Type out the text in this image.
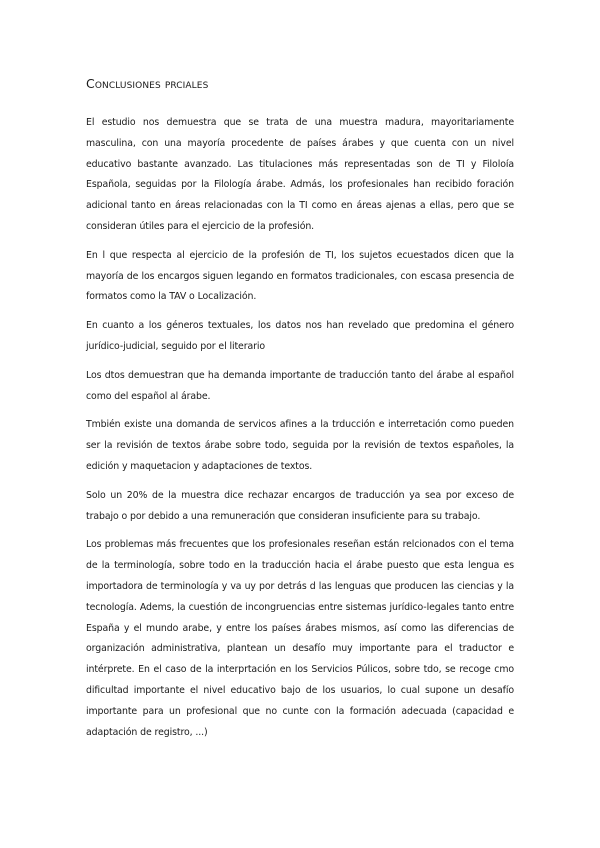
Conclusiones prciales

El estudio nos demuestra que se trata de una muestra madura, mayoritariamente masculina, con una mayoría procedente de países árabes y que cuenta con un nivel educativo bastante avanzado. Las titulaciones más representadas son de TI y Filoloía Española, seguidas por la Filología árabe. Admás, los profesionales han recibido foración adicional tanto en áreas relacionadas con la TI como en áreas ajenas a ellas, pero que se consideran útiles para el ejercicio de la profesión.

En l que respecta al ejercicio de la profesión de TI, los sujetos ecuestados dicen que la mayoría de los encargos siguen legando en formatos tradicionales, con escasa presencia de formatos como la TAV o Localización.

En cuanto a los géneros textuales, los datos nos han revelado que predomina el género jurídico-judicial, seguido por el literario

Los dtos demuestran que ha demanda importante de traducción tanto del árabe al español como del español al árabe.

Tmbién existe una domanda de servicos afines a la trducción e interretación como pueden ser la revisión de textos árabe sobre todo, seguida por la revisión de textos españoles, la edición y maquetacion y adaptaciones de textos.

Solo un 20% de la muestra dice rechazar encargos de traducción ya sea por exceso de trabajo o por debido a una remuneración que consideran insuficiente para su trabajo.

Los problemas más frecuentes que los profesionales reseñan están relcionados con el tema de la terminología, sobre todo en la traducción hacia el árabe puesto que esta lengua es importadora de terminología y va uy por detrás d las lenguas que producen las ciencias y la tecnología. Adems, la cuestión de incongruencias entre sistemas jurídico-legales tanto entre España y el mundo arabe, y entre los países árabes mismos, así como las diferencias de organización administrativa, plantean un desafío muy importante para el traductor e intérprete. En el caso de la interprtación en los Servicios Púlicos, sobre tdo, se recoge cmo dificultad importante el nivel educativo bajo de los usuarios, lo cual supone un desafío importante para un profesional que no cunte con la formación adecuada (capacidad e adaptación de registro, ...)
